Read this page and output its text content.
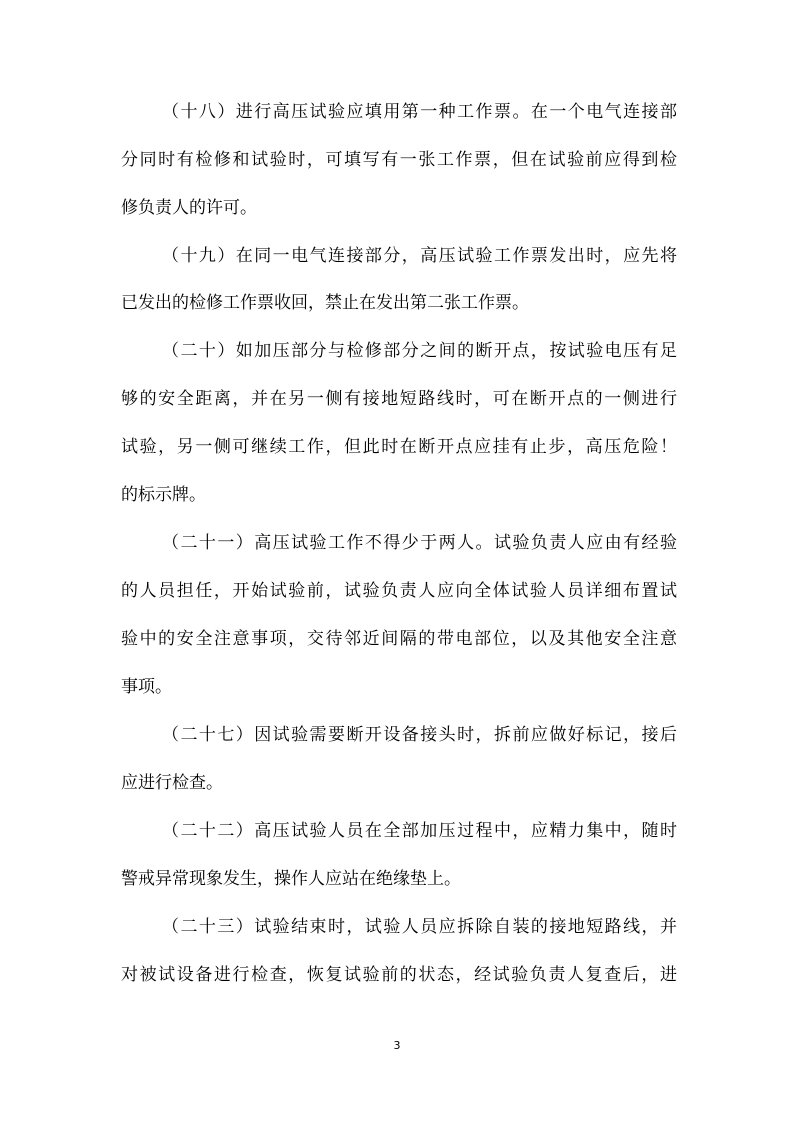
（十八）进行高压试验应填用第一种工作票。在一个电气连接部
分同时有检修和试验时，可填写有一张工作票，但在试验前应得到检
修负责人的许可。
（十九）在同一电气连接部分，高压试验工作票发出时，应先将
已发出的检修工作票收回，禁止在发出第二张工作票。
（二十）如加压部分与检修部分之间的断开点，按试验电压有足
够的安全距离，并在另一侧有接地短路线时，可在断开点的一侧进行
试验，另一侧可继续工作，但此时在断开点应挂有止步，高压危险！
的标示牌。
（二十一）高压试验工作不得少于两人。试验负责人应由有经验
的人员担任，开始试验前，试验负责人应向全体试验人员详细布置试
验中的安全注意事项，交待邻近间隔的带电部位，以及其他安全注意
事项。
（二十七）因试验需要断开设备接头时，拆前应做好标记，接后
应进行检查。
（二十二）高压试验人员在全部加压过程中，应精力集中，随时
警戒异常现象发生，操作人应站在绝缘垫上。
（二十三）试验结束时，试验人员应拆除自装的接地短路线，并
对被试设备进行检查，恢复试验前的状态，经试验负责人复查后，进
3
